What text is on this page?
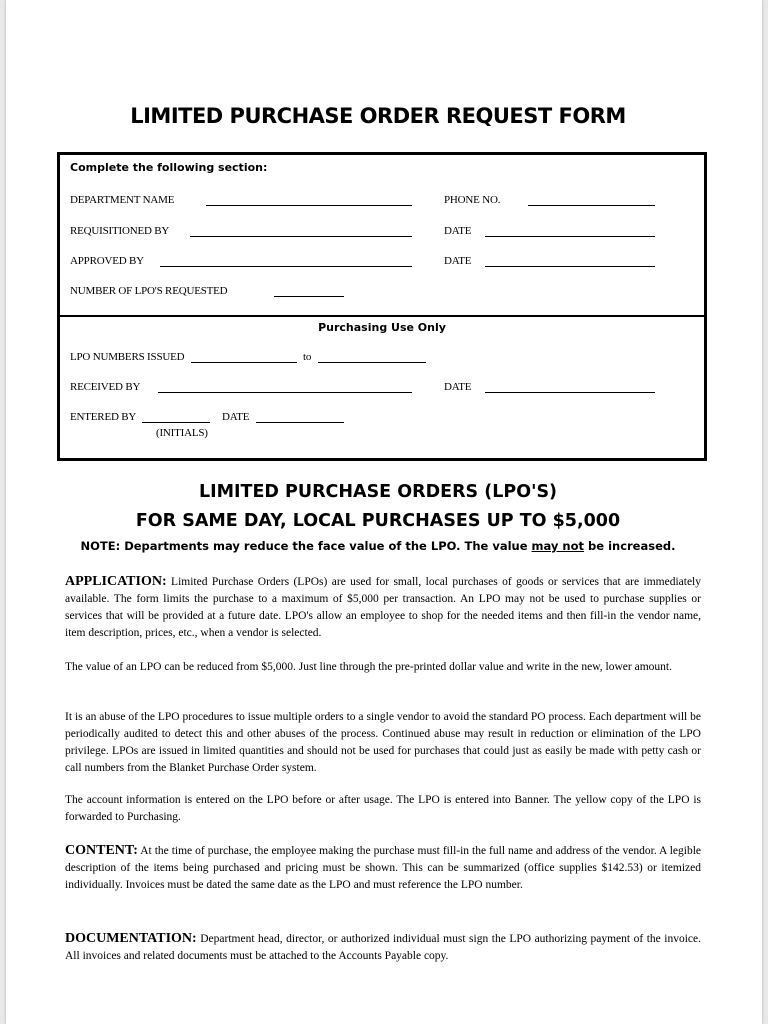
LIMITED PURCHASE ORDER REQUEST FORM
Complete the following section:
DEPARTMENT NAME	PHONE NO.
REQUISITIONED BY	DATE
APPROVED BY	DATE
NUMBER OF LPO'S REQUESTED
Purchasing Use Only
LPO NUMBERS ISSUED	to
RECEIVED BY	DATE
ENTERED BY	DATE
(INITIALS)
LIMITED PURCHASE ORDERS (LPO'S)
FOR SAME DAY, LOCAL PURCHASES UP TO $5,000
NOTE: Departments may reduce the face value of the LPO. The value may not be increased.
APPLICATION: Limited Purchase Orders (LPOs) are used for small, local purchases of goods or services that are immediately available. The form limits the purchase to a maximum of $5,000 per transaction. An LPO may not be used to purchase supplies or services that will be provided at a future date. LPO's allow an employee to shop for the needed items and then fill-in the vendor name, item description, prices, etc., when a vendor is selected.
The value of an LPO can be reduced from $5,000. Just line through the pre-printed dollar value and write in the new, lower amount.
It is an abuse of the LPO procedures to issue multiple orders to a single vendor to avoid the standard PO process. Each department will be periodically audited to detect this and other abuses of the process. Continued abuse may result in reduction or elimination of the LPO privilege. LPOs are issued in limited quantities and should not be used for purchases that could just as easily be made with petty cash or call numbers from the Blanket Purchase Order system.
The account information is entered on the LPO before or after usage. The LPO is entered into Banner. The yellow copy of the LPO is forwarded to Purchasing.
CONTENT: At the time of purchase, the employee making the purchase must fill-in the full name and address of the vendor. A legible description of the items being purchased and pricing must be shown. This can be summarized (office supplies $142.53) or itemized individually. Invoices must be dated the same date as the LPO and must reference the LPO number.
DOCUMENTATION: Department head, director, or authorized individual must sign the LPO authorizing payment of the invoice. All invoices and related documents must be attached to the Accounts Payable copy.
